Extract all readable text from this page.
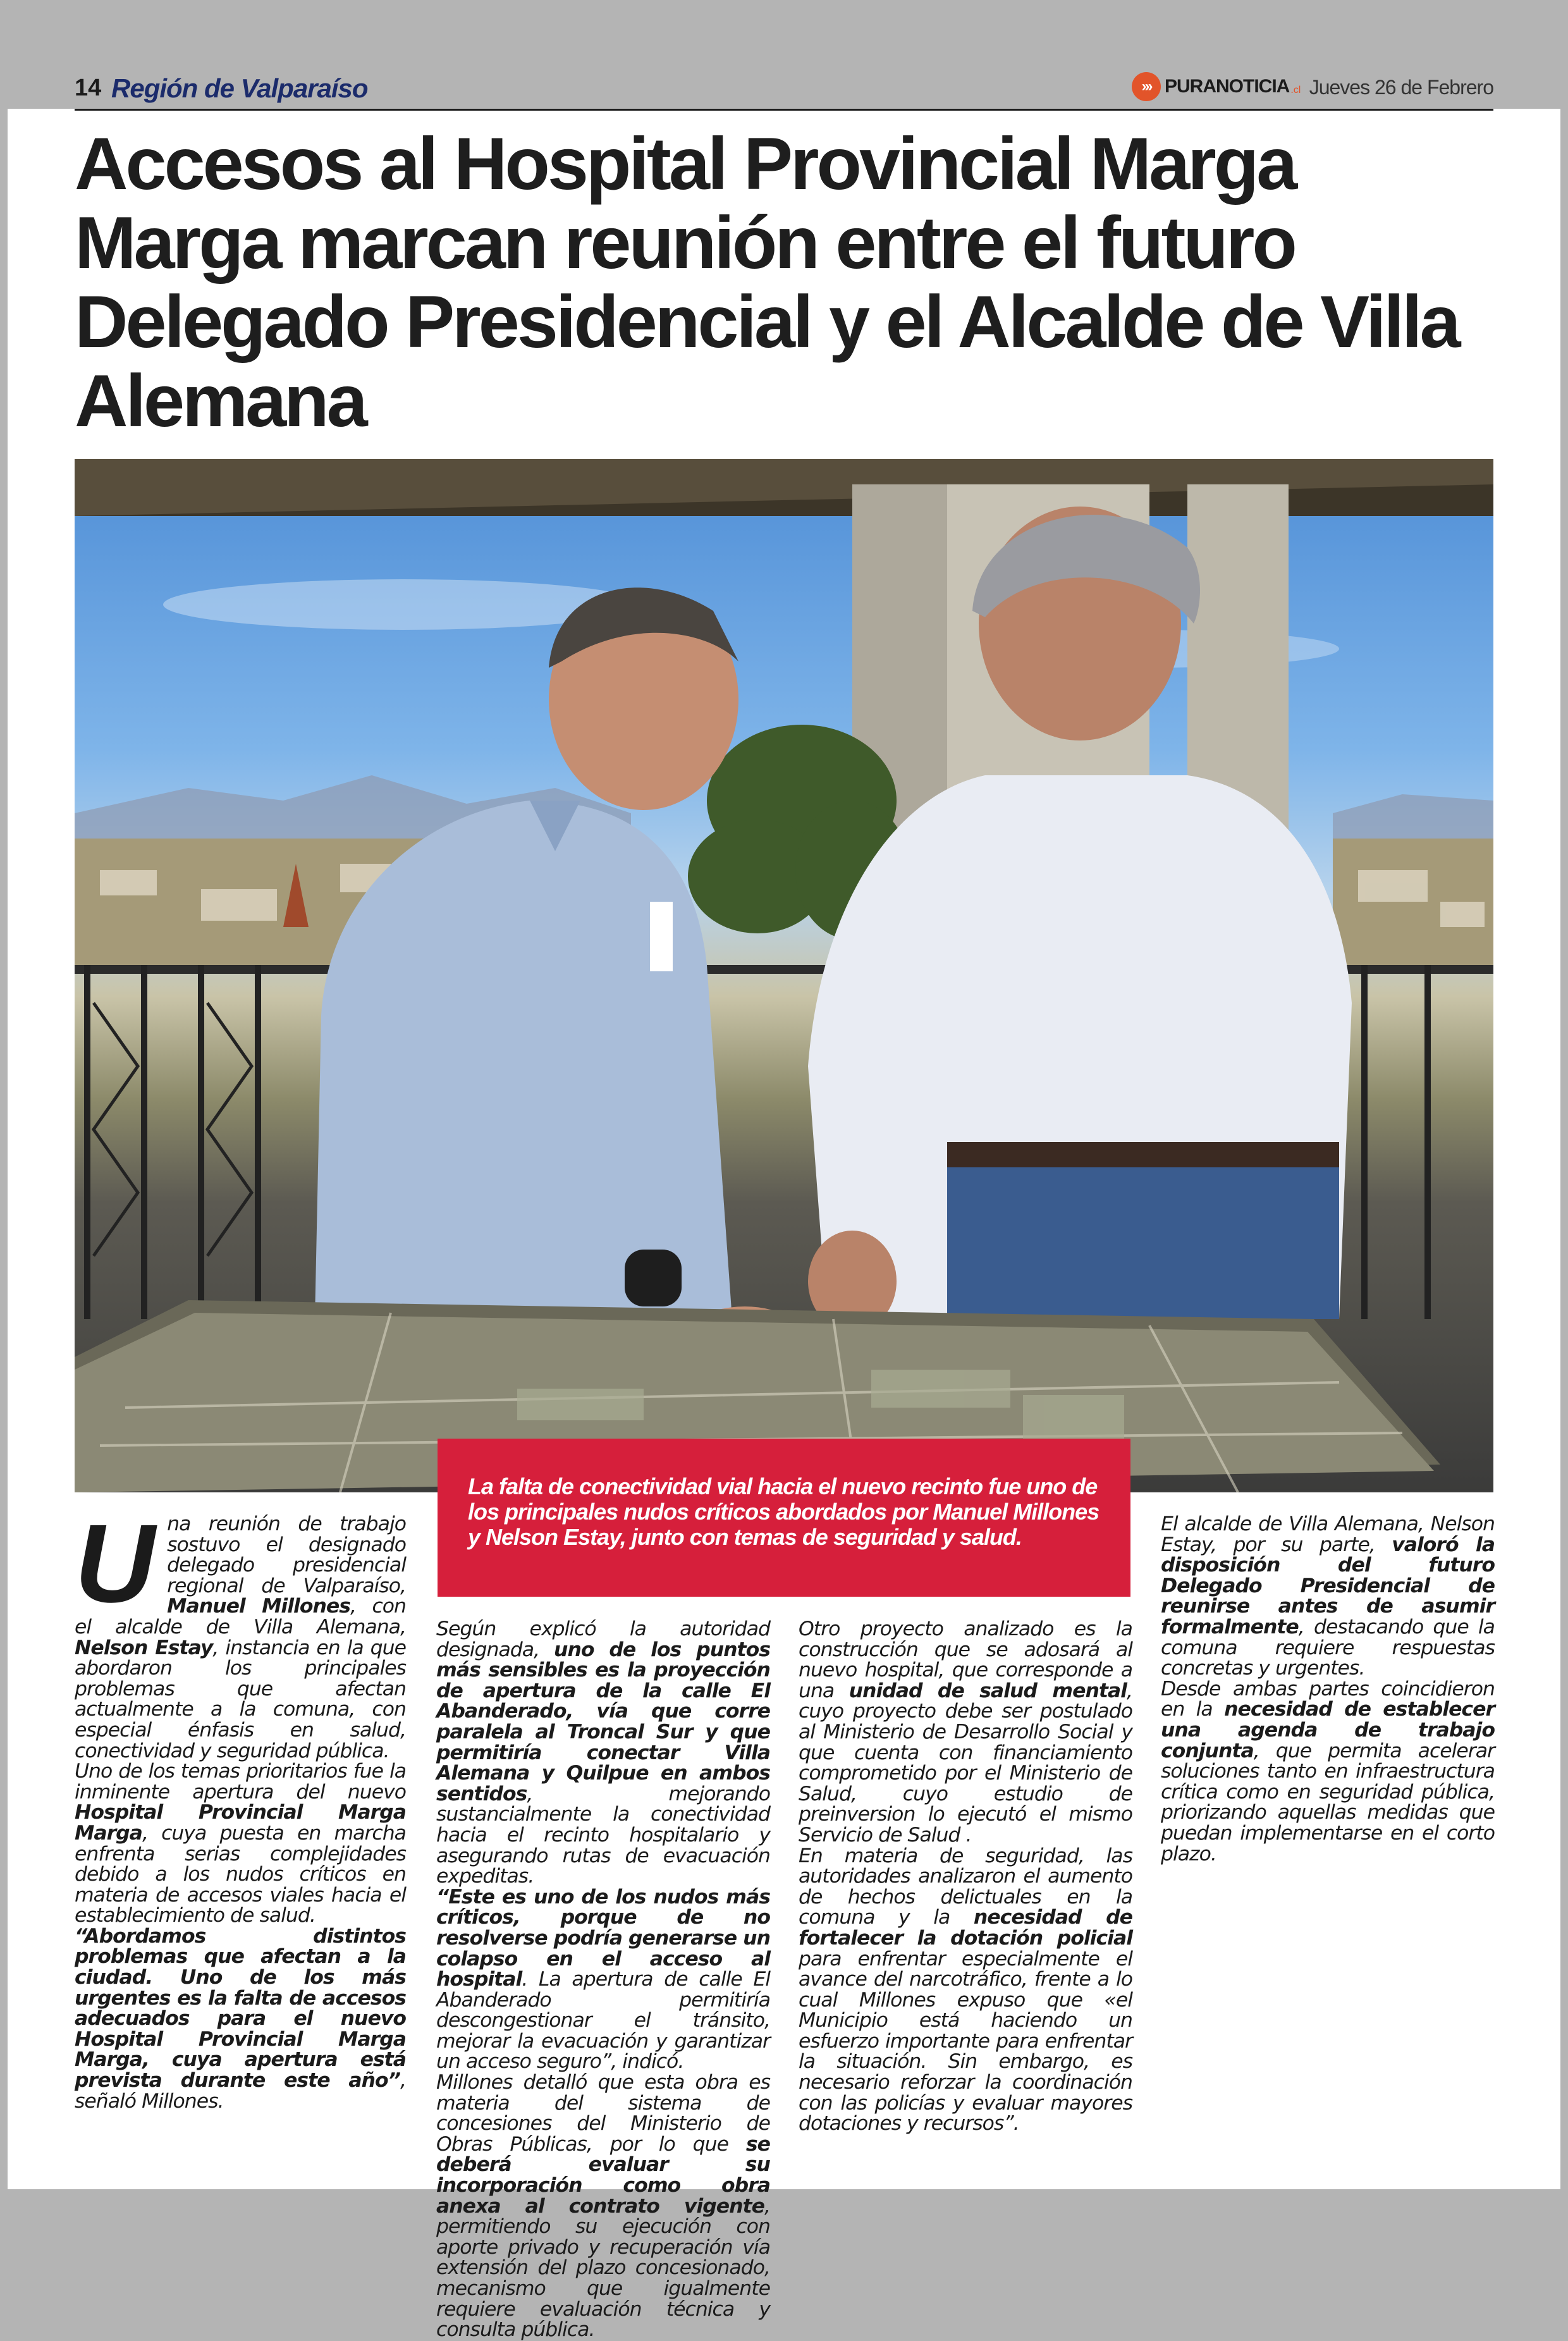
14 Región de Valparaíso	››› PURANOTICIA .cl Jueves 26 de Febrero
Accesos al Hospital Provincial Marga Marga marcan reunión entre el futuro Delegado Presidencial y el Alcalde de Villa Alemana
La falta de conectividad vial hacia el nuevo recinto fue uno de los principales nudos críticos abordados por Manuel Millones y Nelson Estay, junto con temas de seguridad y salud.

Una reunión de trabajo sostuvo el designado delegado presidencial regional de Valparaíso, Manuel Millones, con el alcalde de Villa Alemana, Nelson Estay, instancia en la que abordaron los principales problemas que afectan actualmente a la comuna, con especial énfasis en salud, conectividad y seguridad pública.

Uno de los temas prioritarios fue la inminente apertura del nuevo Hospital Provincial Marga Marga, cuya puesta en marcha enfrenta serias complejidades debido a los nudos críticos en materia de accesos viales hacia el establecimiento de salud.

“Abordamos distintos problemas que afectan a la ciudad. Uno de los más urgentes es la falta de accesos adecuados para el nuevo Hospital Provincial Marga Marga, cuya apertura está prevista durante este año”, señaló Millones.

Según explicó la autoridad designada, uno de los puntos más sensibles es la proyección de apertura de la calle El Abanderado, vía que corre paralela al Troncal Sur y que permitiría conectar Villa Alemana y Quilpue en ambos sentidos, mejorando sustancialmente la conectividad hacia el recinto hospitalario y asegurando rutas de evacuación expeditas.

“Este es uno de los nudos más críticos, porque de no resolverse podría generarse un colapso en el acceso al hospital. La apertura de calle El Abanderado permitiría descongestionar el tránsito, mejorar la evacuación y garantizar un acceso seguro”, indicó.

Millones detalló que esta obra es materia del sistema de concesiones del Ministerio de Obras Públicas, por lo que se deberá evaluar su incorporación como obra anexa al contrato vigente, permitiendo su ejecución con aporte privado y recuperación vía extensión del plazo concesionado, mecanismo que igualmente requiere evaluación técnica y consulta pública.

Otro proyecto analizado es la construcción que se adosará al nuevo hospital, que corresponde a una unidad de salud mental, cuyo proyecto debe ser postulado al Ministerio de Desarrollo Social y que cuenta con financiamiento comprometido por el Ministerio de Salud, cuyo estudio de preinversion lo ejecutó el mismo Servicio de Salud .

En materia de seguridad, las autoridades analizaron el aumento de hechos delictuales en la comuna y la necesidad de fortalecer la dotación policial para enfrentar especialmente el avance del narcotráfico, frente a lo cual Millones expuso que «el Municipio está haciendo un esfuerzo importante para enfrentar la situación. Sin embargo, es necesario reforzar la coordinación con las policías y evaluar mayores dotaciones y recursos”.

El alcalde de Villa Alemana, Nelson Estay, por su parte, valoró la disposición del futuro Delegado Presidencial de reunirse antes de asumir formalmente, destacando que la comuna requiere respuestas concretas y urgentes.

Desde ambas partes coincidieron en la necesidad de establecer una agenda de trabajo conjunta, que permita acelerar soluciones tanto en infraestructura crítica como en seguridad pública, priorizando aquellas medidas que puedan implementarse en el corto plazo.
